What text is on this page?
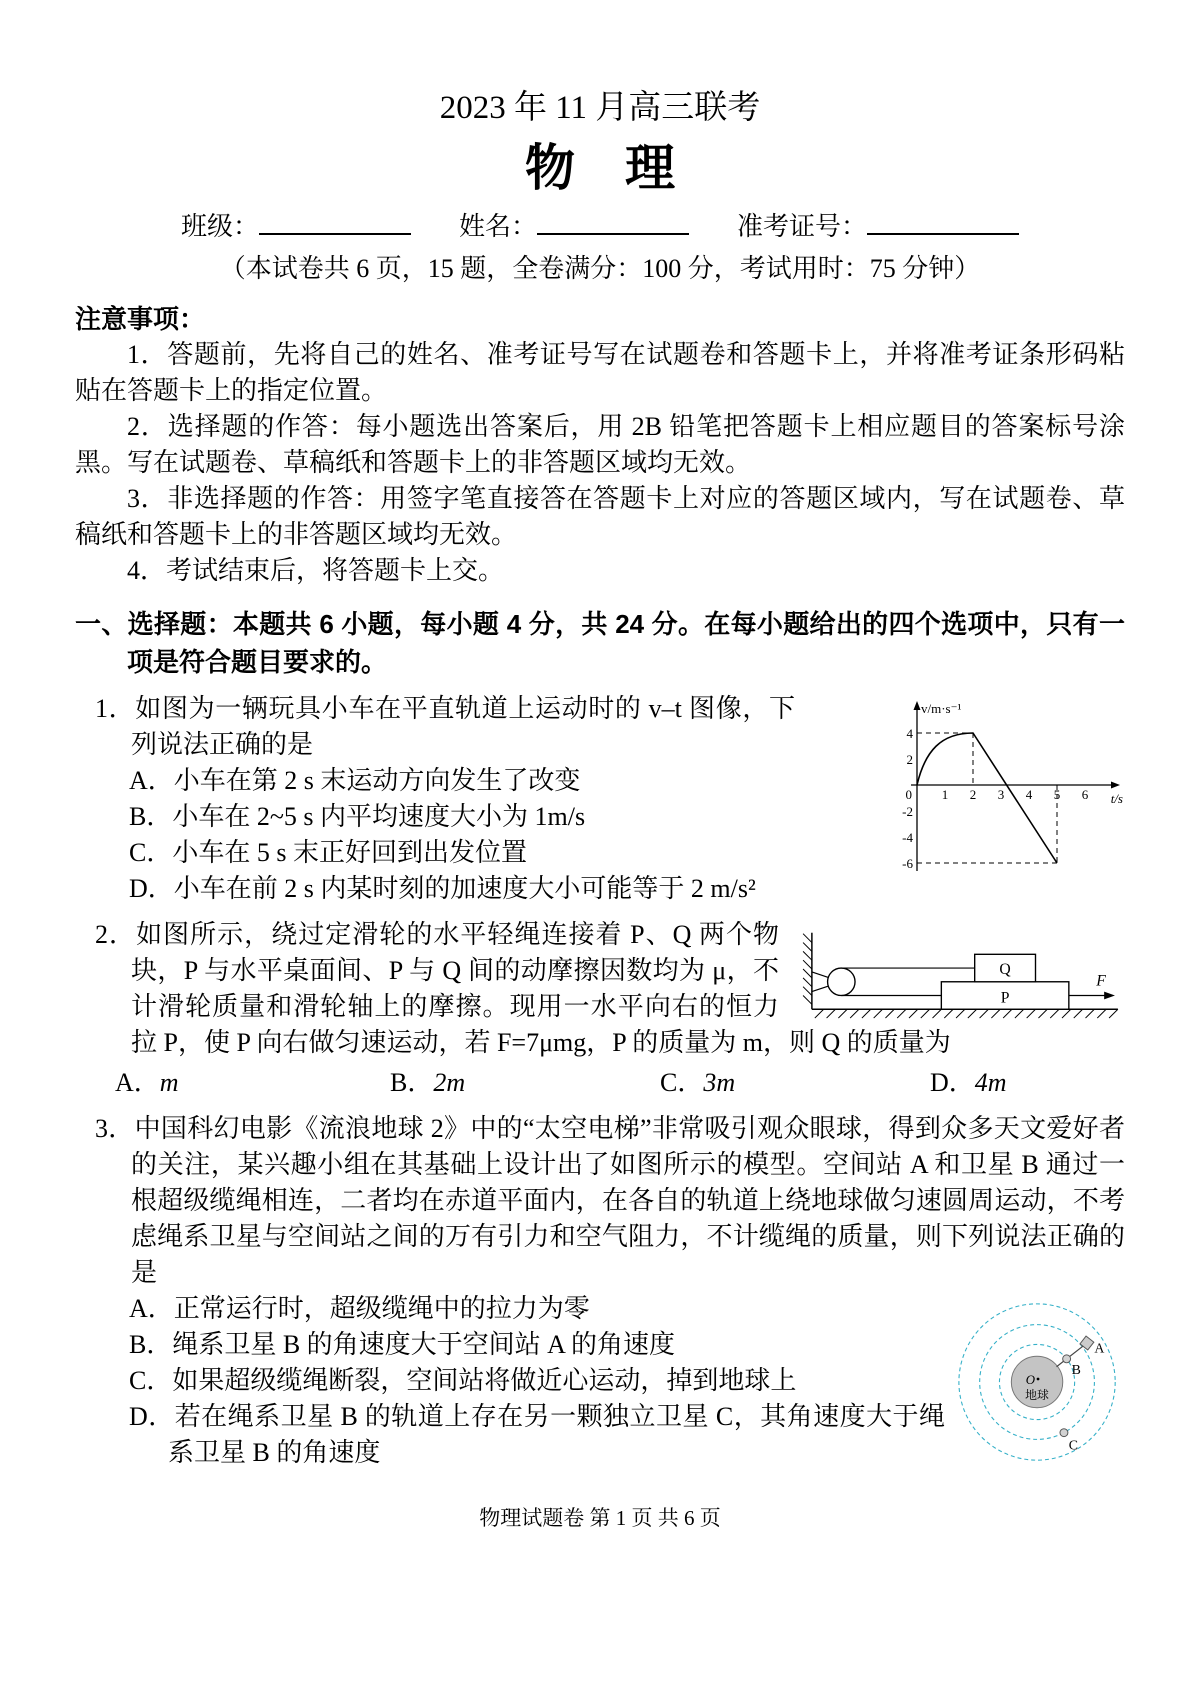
2023 年 11 月高三联考

物　理

班级：	姓名：	准考证号：

（本试卷共 6 页，15 题，全卷满分：100 分，考试用时：75 分钟）

注意事项：

1．答题前，先将自己的姓名、准考证号写在试题卷和答题卡上，并将准考证条形码粘贴在答题卡上的指定位置。

2．选择题的作答：每小题选出答案后，用 2B 铅笔把答题卡上相应题目的答案标号涂黑。写在试题卷、草稿纸和答题卡上的非答题区域均无效。

3．非选择题的作答：用签字笔直接答在答题卡上对应的答题区域内，写在试题卷、草稿纸和答题卡上的非答题区域均无效。

4．考试结束后，将答题卡上交。

一、选择题：本题共 6 小题，每小题 4 分，共 24 分。在每小题给出的四个选项中，只有一项是符合题目要求的。

v/m·s⁻¹
t/s
4
2
0
-2
-4
-6
1 2 3 4 5 6

1．如图为一辆玩具小车在平直轨道上运动时的 v–t 图像，下列说法正确的是

A．小车在第 2 s 末运动方向发生了改变

B．小车在 2~5 s 内平均速度大小为 1m/s

C．小车在 5 s 末正好回到出发位置

D．小车在前 2 s 内某时刻的加速度大小可能等于 2 m/s²

P
Q
F

2．如图所示，绕过定滑轮的水平轻绳连接着 P、Q 两个物块，P 与水平桌面间、P 与 Q 间的动摩擦因数均为 μ，不计滑轮质量和滑轮轴上的摩擦。现用一水平向右的恒力拉 P，使 P 向右做匀速运动，若 F=7μmg，P 的质量为 m，则 Q 的质量为

A．m	B．2m	C．3m	D．4m

3．中国科幻电影《流浪地球 2》中的“太空电梯”非常吸引观众眼球，得到众多天文爱好者的关注，某兴趣小组在其基础上设计出了如图所示的模型。空间站 A 和卫星 B 通过一根超级缆绳相连，二者均在赤道平面内，在各自的轨道上绕地球做匀速圆周运动，不考虑绳系卫星与空间站之间的万有引力和空气阻力，不计缆绳的质量，则下列说法正确的是

O
地球
A
B
C

A．正常运行时，超级缆绳中的拉力为零

B．绳系卫星 B 的角速度大于空间站 A 的角速度

C．如果超级缆绳断裂，空间站将做近心运动，掉到地球上

D．若在绳系卫星 B 的轨道上存在另一颗独立卫星 C，其角速度大于绳系卫星 B 的角速度

物理试题卷 第 1 页 共 6 页
